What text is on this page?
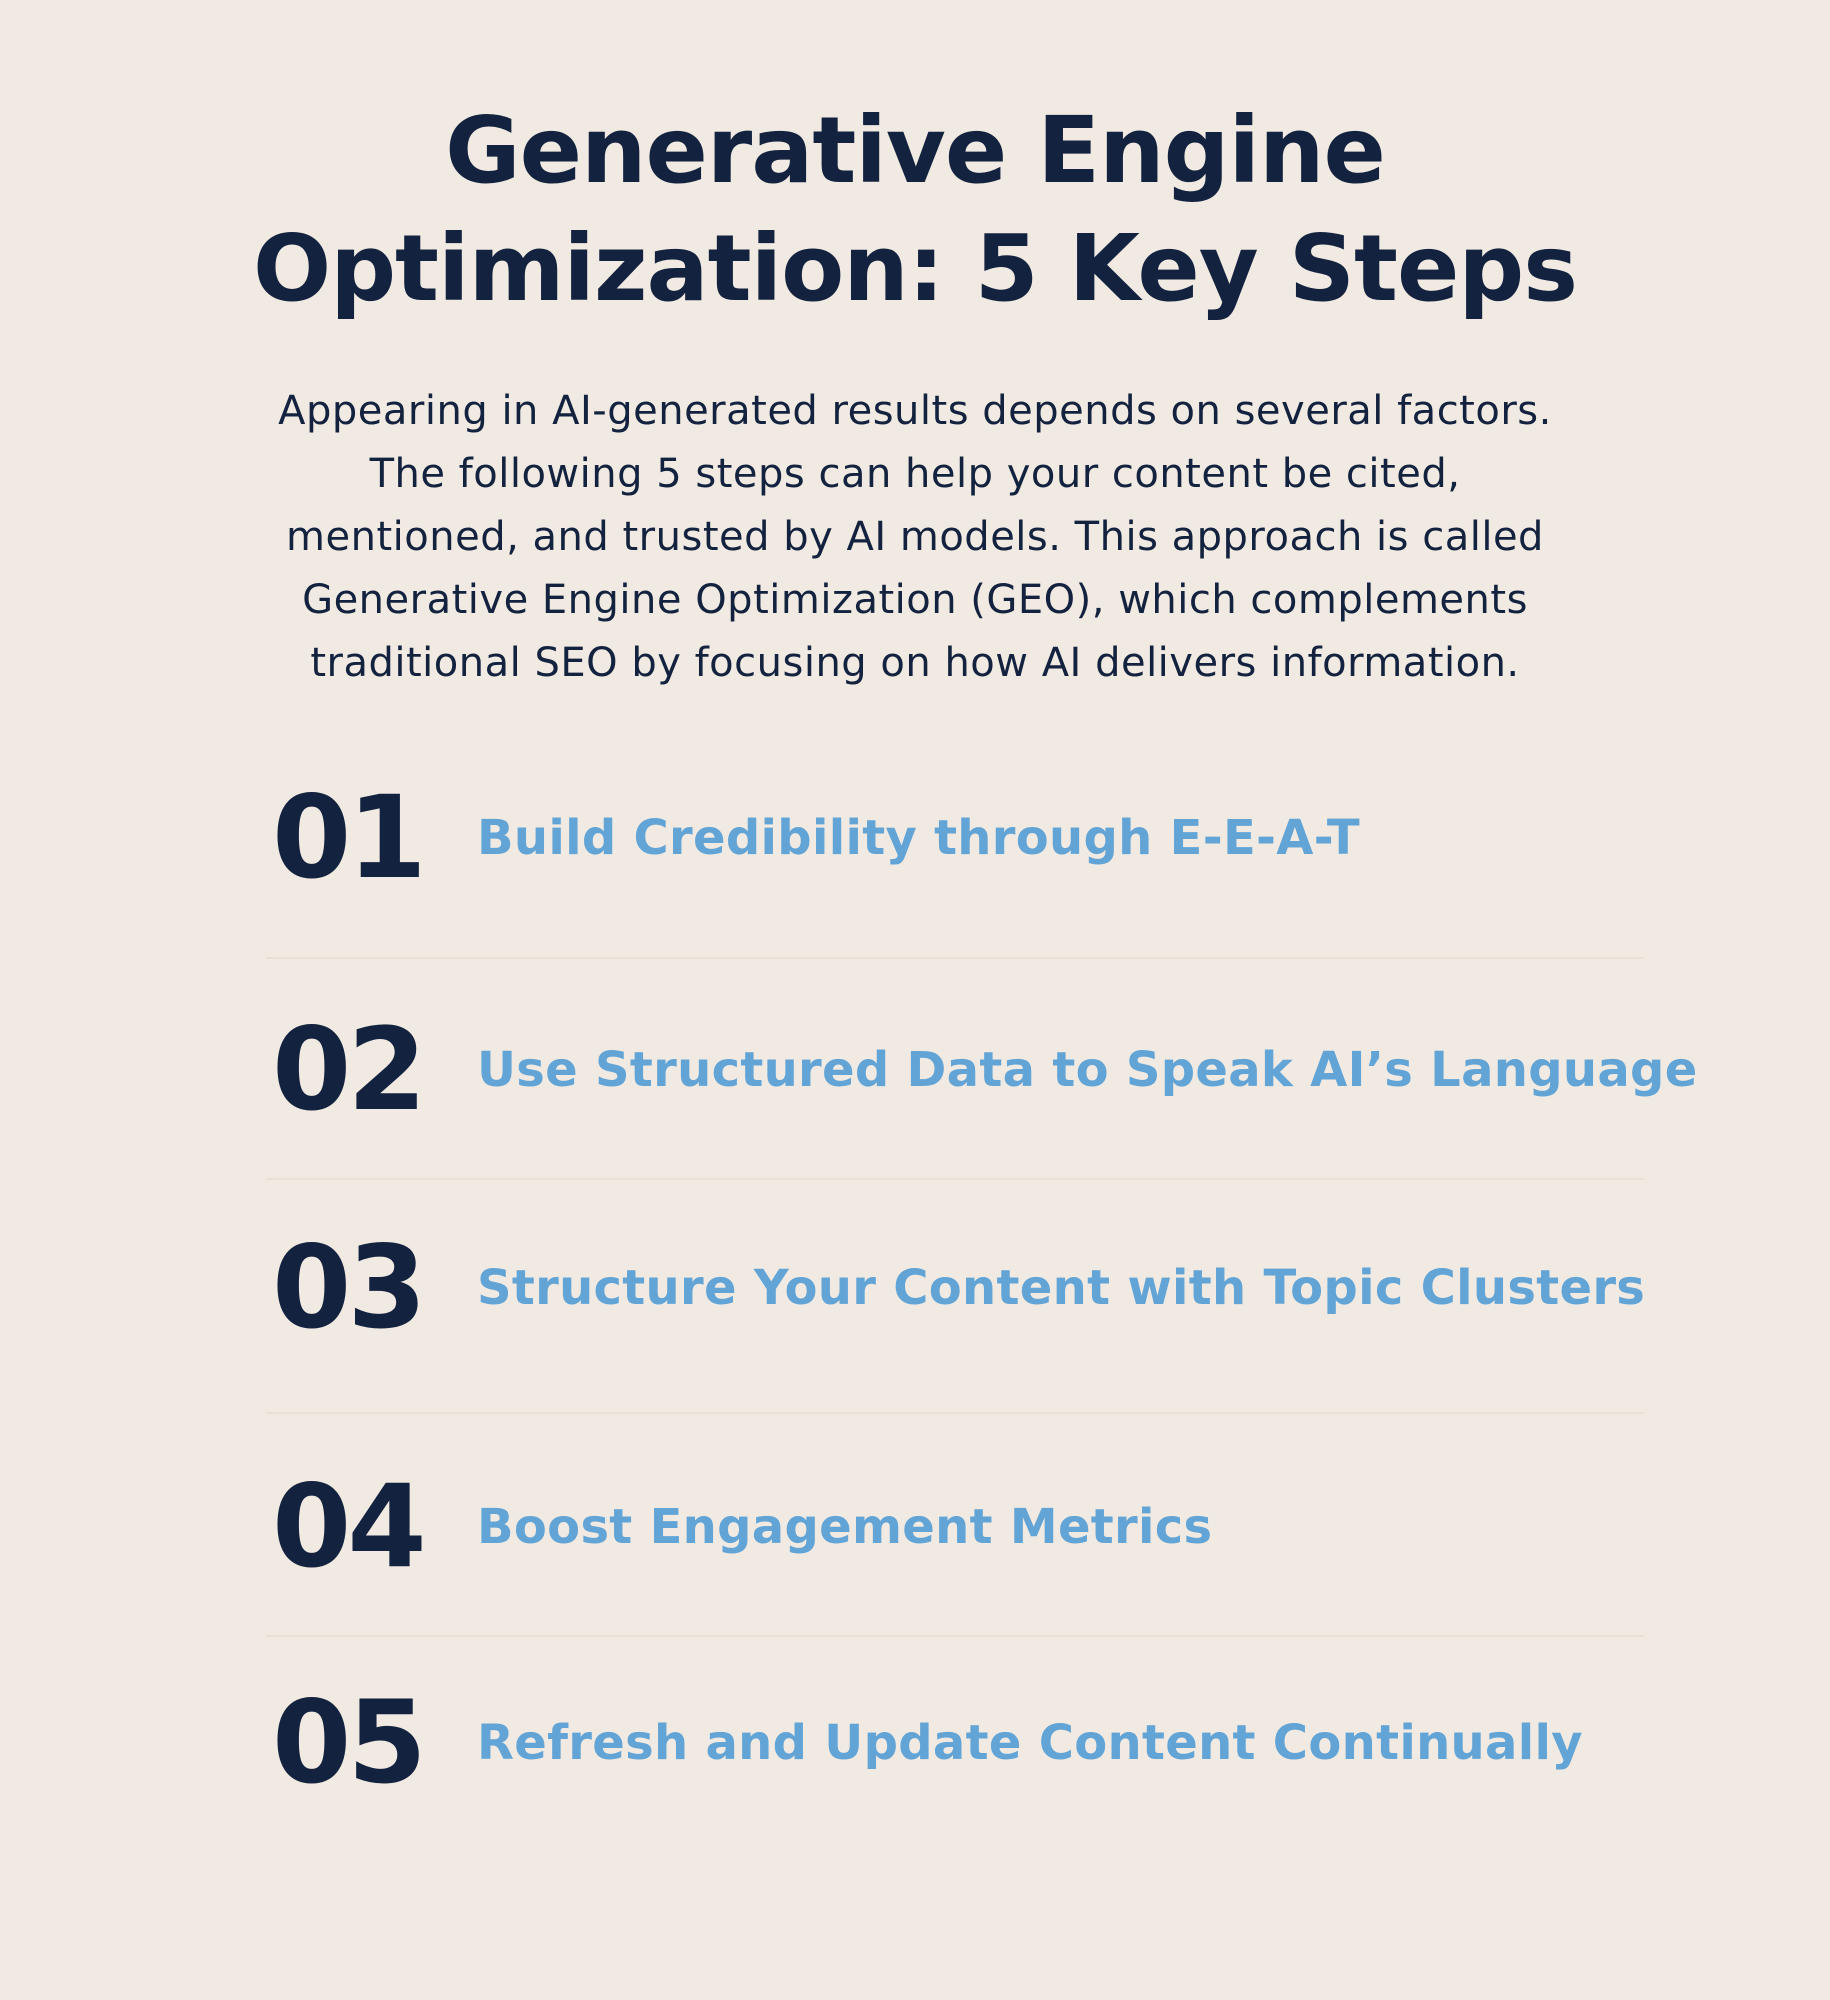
Generative Engine
Optimization: 5 Key Steps

Appearing in AI-generated results depends on several factors.
The following 5 steps can help your content be cited,
mentioned, and trusted by AI models. This approach is called
Generative Engine Optimization (GEO), which complements
traditional SEO by focusing on how AI delivers information.

01	Build Credibility through E-E-A-T
02	Use Structured Data to Speak AI’s Language
03	Structure Your Content with Topic Clusters
04	Boost Engagement Metrics
05	Refresh and Update Content Continually
